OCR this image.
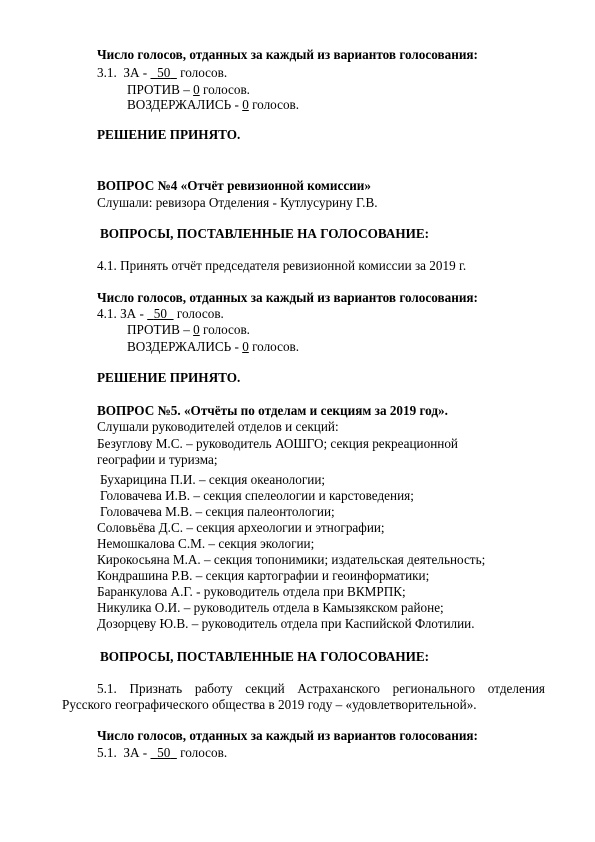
Число голосов, отданных за каждый из вариантов голосования:
3.1. ЗА - 50 голосов.
ПРОТИВ – 0 голосов.
ВОЗДЕРЖАЛИСЬ - 0 голосов.
РЕШЕНИЕ ПРИНЯТО.
ВОПРОС №4 «Отчёт ревизионной комиссии»
Слушали: ревизора Отделения - Кутлусурину Г.В.
ВОПРОСЫ, ПОСТАВЛЕННЫЕ НА ГОЛОСОВАНИЕ:
4.1. Принять отчёт председателя ревизионной комиссии за 2019 г.
Число голосов, отданных за каждый из вариантов голосования:
4.1. ЗА - 50 голосов.
ПРОТИВ – 0 голосов.
ВОЗДЕРЖАЛИСЬ - 0 голосов.
РЕШЕНИЕ ПРИНЯТО.
ВОПРОС №5. «Отчёты по отделам и секциям за 2019 год».
Слушали руководителей отделов и секций:
Безуглову М.С. – руководитель АОШГО; секция рекреационной
географии и туризма;
Бухарицина П.И. – секция океанологии;
Головачева И.В. – секция спелеологии и карстоведения;
Головачева М.В. – секция палеонтологии;
Соловьёва Д.С. – секция археологии и этнографии;
Немошкалова С.М. – секция экологии;
Кирокосьяна М.А. – секция топонимики; издательская деятельность;
Кондрашина Р.В. – секция картографии и геоинформатики;
Баранкулова А.Г. - руководитель отдела при ВКМРПК;
Никулика О.И. – руководитель отдела в Камызякском районе;
Дозорцеву Ю.В. – руководитель отдела при Каспийской Флотилии.
ВОПРОСЫ, ПОСТАВЛЕННЫЕ НА ГОЛОСОВАНИЕ:
5.1. Признать работу секций Астраханского регионального отделения
Русского географического общества в 2019 году – «удовлетворительной».
Число голосов, отданных за каждый из вариантов голосования:
5.1. ЗА - 50 голосов.
